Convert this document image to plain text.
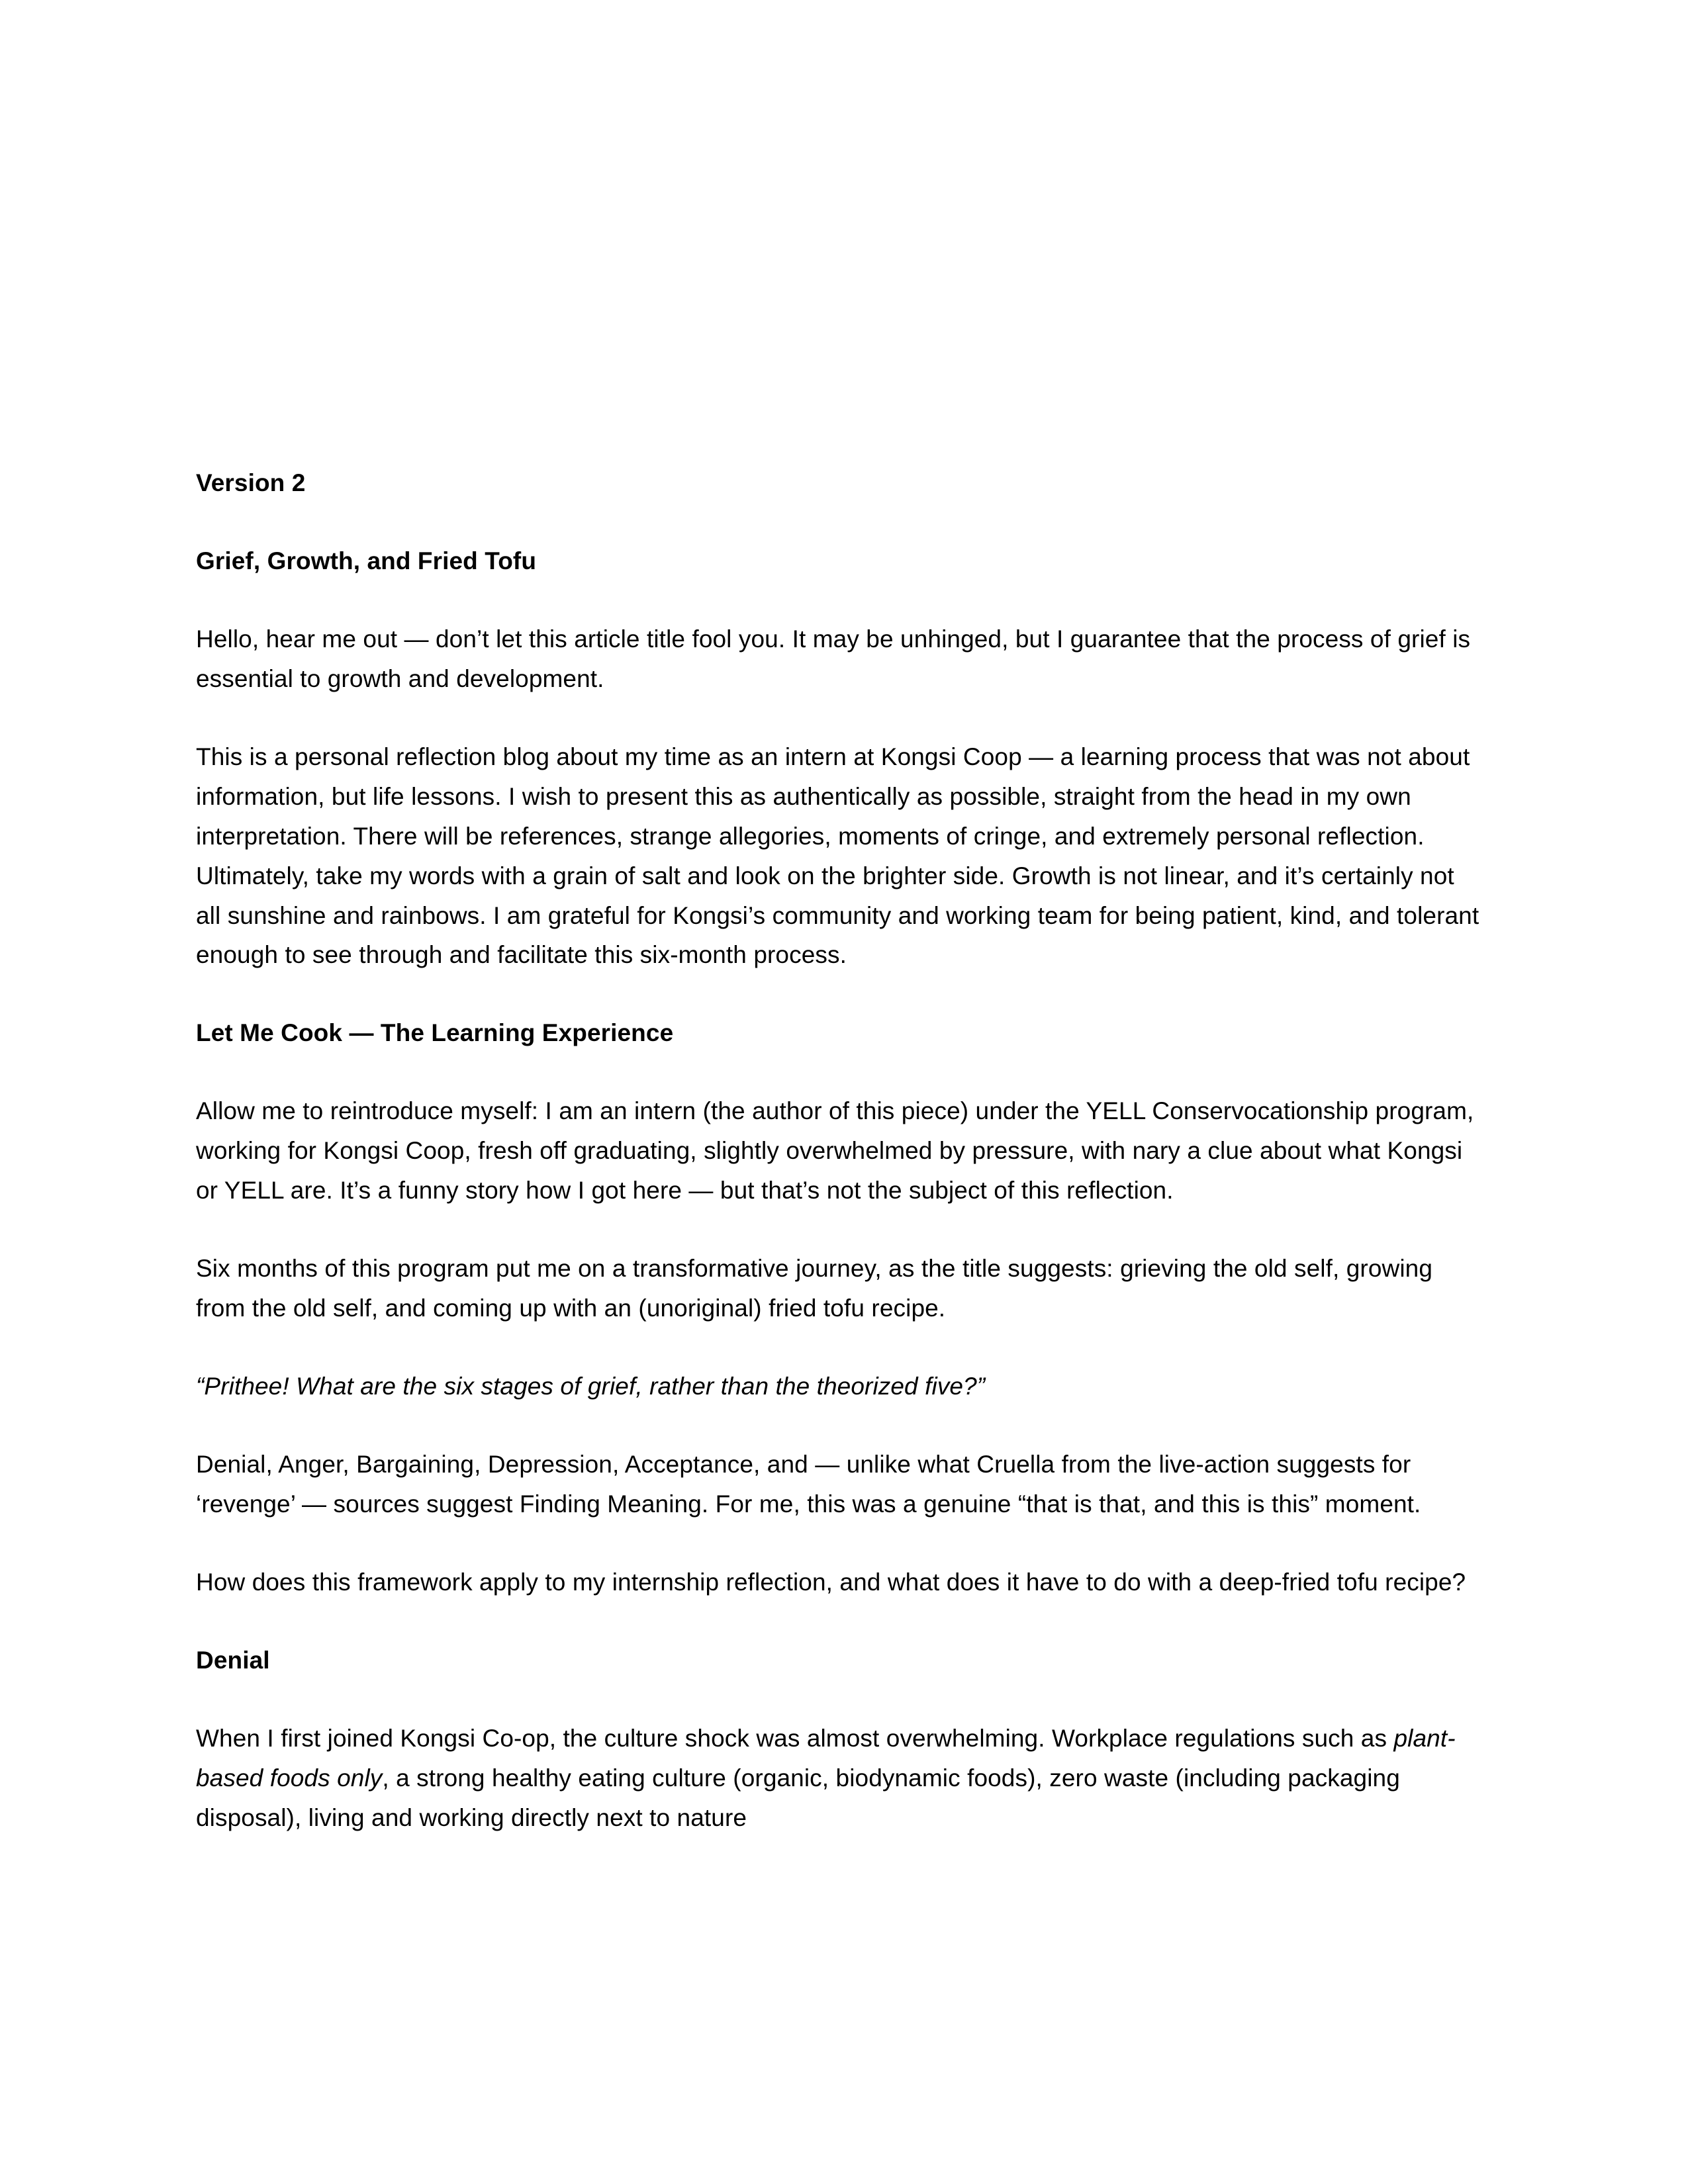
Version 2

Grief, Growth, and Fried Tofu

Hello, hear me out — don’t let this article title fool you. It may be unhinged, but I guarantee that the process of grief is essential to growth and development.

This is a personal reflection blog about my time as an intern at Kongsi Coop — a learning process that was not about information, but life lessons. I wish to present this as authentically as possible, straight from the head in my own interpretation. There will be references, strange allegories, moments of cringe, and extremely personal reflection. Ultimately, take my words with a grain of salt and look on the brighter side. Growth is not linear, and it’s certainly not all sunshine and rainbows. I am grateful for Kongsi’s community and working team for being patient, kind, and tolerant enough to see through and facilitate this six-month process.

Let Me Cook — The Learning Experience

Allow me to reintroduce myself: I am an intern (the author of this piece) under the YELL Conservocationship program, working for Kongsi Coop, fresh off graduating, slightly overwhelmed by pressure, with nary a clue about what Kongsi or YELL are. It’s a funny story how I got here — but that’s not the subject of this reflection.

Six months of this program put me on a transformative journey, as the title suggests: grieving the old self, growing from the old self, and coming up with an (unoriginal) fried tofu recipe.

“Prithee! What are the six stages of grief, rather than the theorized five?”

Denial, Anger, Bargaining, Depression, Acceptance, and — unlike what Cruella from the live-action suggests for ‘revenge’ — sources suggest Finding Meaning. For me, this was a genuine “that is that, and this is this” moment.

How does this framework apply to my internship reflection, and what does it have to do with a deep-fried tofu recipe?

Denial

When I first joined Kongsi Co-op, the culture shock was almost overwhelming. Workplace regulations such as plant-based foods only, a strong healthy eating culture (organic, biodynamic foods), zero waste (including packaging disposal), living and working directly next to nature
